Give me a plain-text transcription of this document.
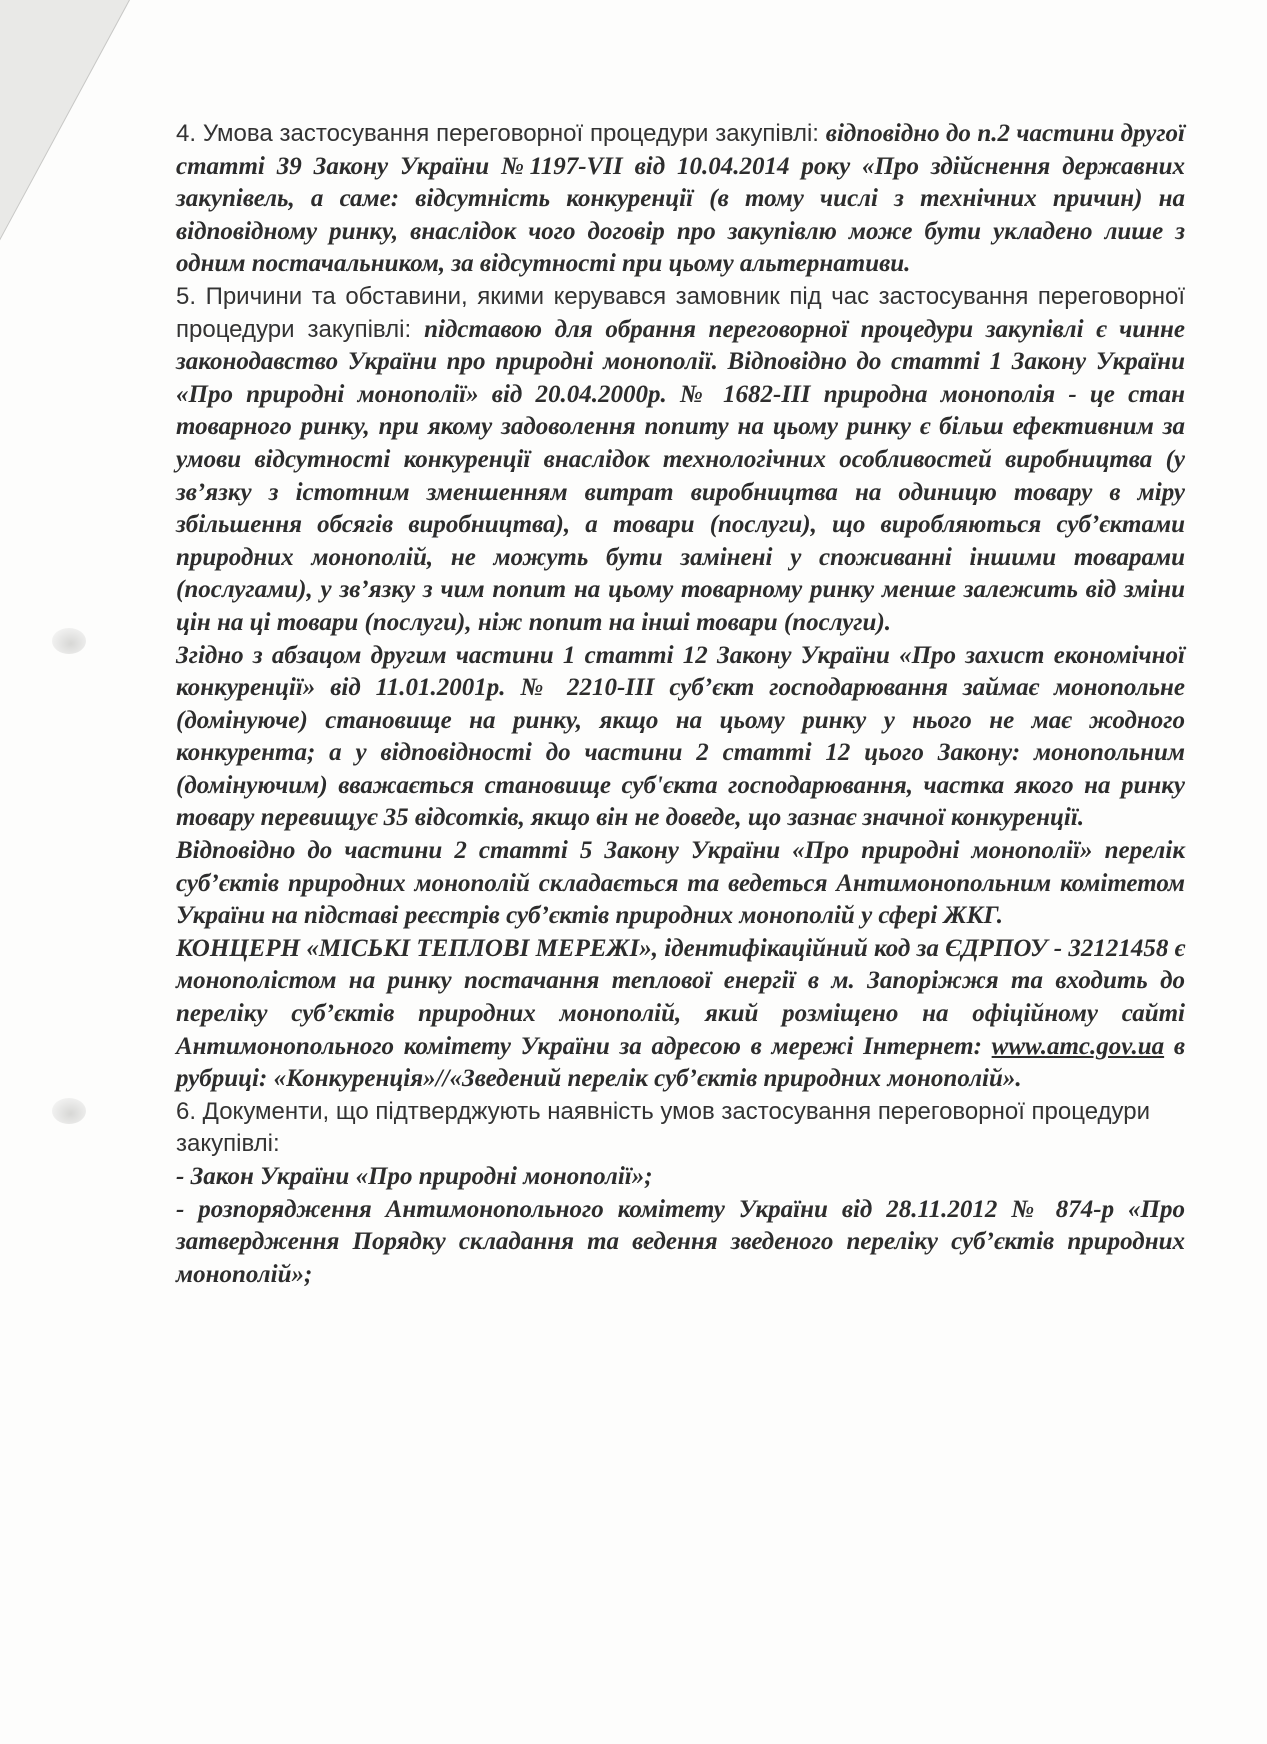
4. Умова застосування переговорної процедури закупівлі: відповідно до п.2 частини другої статті 39 Закону України №1197-VII від 10.04.2014 року «Про здійснення державних закупівель, а саме: відсутність конкуренції (в тому числі з технічних причин) на відповідному ринку, внаслідок чого договір про закупівлю може бути укладено лише з одним постачальником, за відсутності при цьому альтернативи.

5. Причини та обставини, якими керувався замовник під час застосування переговорної процедури закупівлі: підставою для обрання переговорної процедури закупівлі є чинне законодавство України про природні монополії. Відповідно до статті 1 Закону України «Про природні монополії» від 20.04.2000р. № 1682-III природна монополія - це стан товарного ринку, при якому задоволення попиту на цьому ринку є більш ефективним за умови відсутності конкуренції внаслідок технологічних особливостей виробництва (у зв’язку з істотним зменшенням витрат виробництва на одиницю товару в міру збільшення обсягів виробництва), а товари (послуги), що виробляються суб’єктами природних монополій, не можуть бути замінені у споживанні іншими товарами (послугами), у зв’язку з чим попит на цьому товарному ринку менше залежить від зміни цін на ці товари (послуги), ніж попит на інші товари (послуги).

Згідно з абзацом другим частини 1 статті 12 Закону України «Про захист економічної конкуренції» від 11.01.2001р. № 2210-III суб’єкт господарювання займає монопольне (домінуюче) становище на ринку, якщо на цьому ринку у нього не має жодного конкурента; а у відповідності до частини 2 статті 12 цього Закону: монопольним (домінуючим) вважається становище суб'єкта господарювання, частка якого на ринку товару перевищує 35 відсотків, якщо він не доведе, що зазнає значної конкуренції.

Відповідно до частини 2 статті 5 Закону України «Про природні монополії» перелік суб’єктів природних монополій складається та ведеться Антимонопольним комітетом України на підставі реєстрів суб’єктів природних монополій у сфері ЖКГ.

КОНЦЕРН «МІСЬКІ ТЕПЛОВІ МЕРЕЖІ», ідентифікаційний код за ЄДРПОУ - 32121458 є монополістом на ринку постачання теплової енергії в м. Запоріжжя та входить до переліку суб’єктів природних монополій, який розміщено на офіційному сайті Антимонопольного комітету України за адресою в мережі Інтернет: www.amc.gov.ua в рубриці: «Конкуренція»//«Зведений перелік суб’єктів природних монополій».

6. Документи, що підтверджують наявність умов застосування переговорної процедури закупівлі:

- Закон України «Про природні монополії»;

- розпорядження Антимонопольного комітету України від 28.11.2012 № 874-р «Про затвердження Порядку складання та ведення зведеного переліку суб’єктів природних монополій»;
